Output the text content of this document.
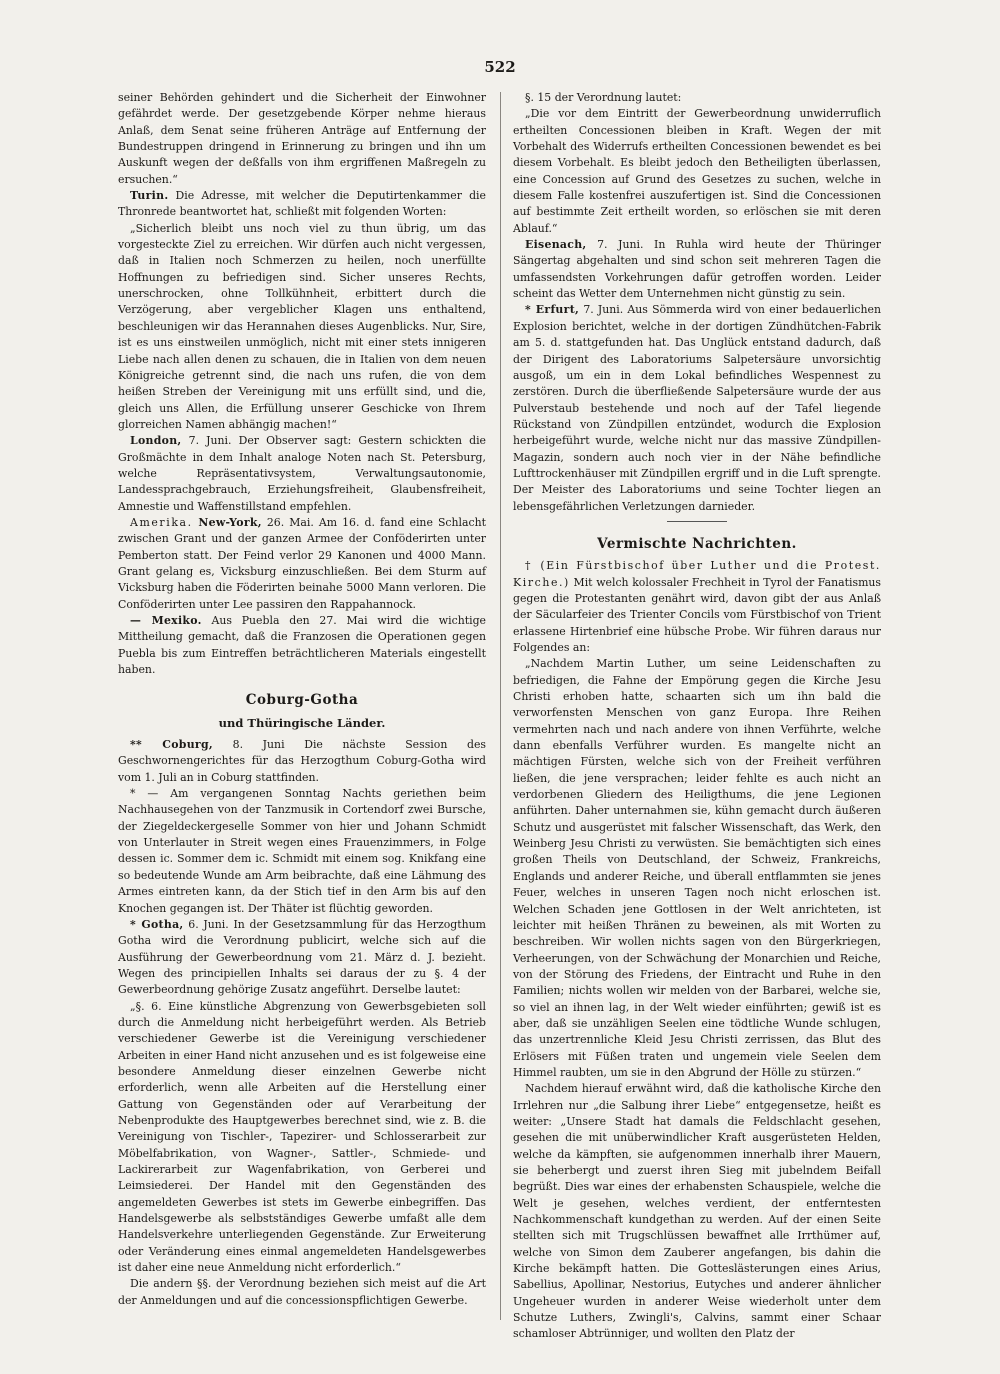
522

seiner Behörden gehindert und die Sicherheit der Einwohner gefährdet werde. Der gesetzgebende Körper nehme hieraus Anlaß, dem Senat seine früheren Anträge auf Entfernung der Bundestruppen dringend in Erinnerung zu bringen und ihn um Auskunft wegen der deßfalls von ihm ergriffenen Maßregeln zu ersuchen.“

Turin. Die Adresse, mit welcher die Deputirtenkammer die Thronrede beantwortet hat, schließt mit folgenden Worten:

„Sicherlich bleibt uns noch viel zu thun übrig, um das vorgesteckte Ziel zu erreichen. Wir dürfen auch nicht vergessen, daß in Italien noch Schmerzen zu heilen, noch unerfüllte Hoffnungen zu befriedigen sind. Sicher unseres Rechts, unerschrocken, ohne Tollkühnheit, erbittert durch die Verzögerung, aber vergeblicher Klagen uns enthaltend, beschleunigen wir das Herannahen dieses Augenblicks. Nur, Sire, ist es uns einstweilen unmöglich, nicht mit einer stets innigeren Liebe nach allen denen zu schauen, die in Italien von dem neuen Königreiche getrennt sind, die nach uns rufen, die von dem heißen Streben der Vereinigung mit uns erfüllt sind, und die, gleich uns Allen, die Erfüllung unserer Geschicke von Ihrem glorreichen Namen abhängig machen!“

London, 7. Juni. Der Observer sagt: Gestern schickten die Großmächte in dem Inhalt analoge Noten nach St. Petersburg, welche Repräsentativsystem, Verwaltungsautonomie, Landessprachgebrauch, Erziehungsfreiheit, Glaubensfreiheit, Amnestie und Waffenstillstand empfehlen.

Amerika. New-York, 26. Mai. Am 16. d. fand eine Schlacht zwischen Grant und der ganzen Armee der Conföderirten unter Pemberton statt. Der Feind verlor 29 Kanonen und 4000 Mann. Grant gelang es, Vicksburg einzuschließen. Bei dem Sturm auf Vicksburg haben die Föderirten beinahe 5000 Mann verloren. Die Conföderirten unter Lee passiren den Rappahannock.

— Mexiko. Aus Puebla den 27. Mai wird die wichtige Mittheilung gemacht, daß die Franzosen die Operationen gegen Puebla bis zum Eintreffen beträchtlicheren Materials eingestellt haben.

Coburg-Gotha
und Thüringische Länder.

** Coburg, 8. Juni Die nächste Session des Geschwornengerichtes für das Herzogthum Coburg-Gotha wird vom 1. Juli an in Coburg stattfinden.

* — Am vergangenen Sonntag Nachts geriethen beim Nachhausegehen von der Tanzmusik in Cortendorf zwei Bursche, der Ziegeldeckergeselle Sommer von hier und Johann Schmidt von Unterlauter in Streit wegen eines Frauenzimmers, in Folge dessen ic. Sommer dem ic. Schmidt mit einem sog. Knikfang eine so bedeutende Wunde am Arm beibrachte, daß eine Lähmung des Armes eintreten kann, da der Stich tief in den Arm bis auf den Knochen gegangen ist. Der Thäter ist flüchtig geworden.

* Gotha, 6. Juni. In der Gesetzsammlung für das Herzogthum Gotha wird die Verordnung publicirt, welche sich auf die Ausführung der Gewerbeordnung vom 21. März d. J. bezieht. Wegen des principiellen Inhalts sei daraus der zu §. 4 der Gewerbeordnung gehörige Zusatz angeführt. Derselbe lautet:

„§. 6. Eine künstliche Abgrenzung von Gewerbsgebieten soll durch die Anmeldung nicht herbeigeführt werden. Als Betrieb verschiedener Gewerbe ist die Vereinigung verschiedener Arbeiten in einer Hand nicht anzusehen und es ist folgeweise eine besondere Anmeldung dieser einzelnen Gewerbe nicht erforderlich, wenn alle Arbeiten auf die Herstellung einer Gattung von Gegenständen oder auf Verarbeitung der Nebenprodukte des Hauptgewerbes berechnet sind, wie z. B. die Vereinigung von Tischler-, Tapezirer- und Schlosserarbeit zur Möbelfabrikation, von Wagner-, Sattler-, Schmiede- und Lackirerarbeit zur Wagenfabrikation, von Gerberei und Leimsiederei. Der Handel mit den Gegenständen des angemeldeten Gewerbes ist stets im Gewerbe einbegriffen. Das Handelsgewerbe als selbstständiges Gewerbe umfaßt alle dem Handelsverkehre unterliegenden Gegenstände. Zur Erweiterung oder Veränderung eines einmal angemeldeten Handelsgewerbes ist daher eine neue Anmeldung nicht erforderlich.“

Die andern §§. der Verordnung beziehen sich meist auf die Art der Anmeldungen und auf die concessionspflichtigen Gewerbe.

§. 15 der Verordnung lautet:

„Die vor dem Eintritt der Gewerbeordnung unwiderruflich ertheilten Concessionen bleiben in Kraft. Wegen der mit Vorbehalt des Widerrufs ertheilten Concessionen bewendet es bei diesem Vorbehalt. Es bleibt jedoch den Betheiligten überlassen, eine Concession auf Grund des Gesetzes zu suchen, welche in diesem Falle kostenfrei auszufertigen ist. Sind die Concessionen auf bestimmte Zeit ertheilt worden, so erlöschen sie mit deren Ablauf.“

Eisenach, 7. Juni. In Ruhla wird heute der Thüringer Sängertag abgehalten und sind schon seit mehreren Tagen die umfassendsten Vorkehrungen dafür getroffen worden. Leider scheint das Wetter dem Unternehmen nicht günstig zu sein.

* Erfurt, 7. Juni. Aus Sömmerda wird von einer bedauerlichen Explosion berichtet, welche in der dortigen Zündhütchen-Fabrik am 5. d. stattgefunden hat. Das Unglück entstand dadurch, daß der Dirigent des Laboratoriums Salpetersäure unvorsichtig ausgoß, um ein in dem Lokal befindliches Wespennest zu zerstören. Durch die überfließende Salpetersäure wurde der aus Pulverstaub bestehende und noch auf der Tafel liegende Rückstand von Zündpillen entzündet, wodurch die Explosion herbeigeführt wurde, welche nicht nur das massive Zündpillen-Magazin, sondern auch noch vier in der Nähe befindliche Lufttrockenhäuser mit Zündpillen ergriff und in die Luft sprengte. Der Meister des Laboratoriums und seine Tochter liegen an lebensgefährlichen Verletzungen darnieder.

Vermischte Nachrichten.

† (Ein Fürstbischof über Luther und die Protest. Kirche.) Mit welch kolossaler Frechheit in Tyrol der Fanatismus gegen die Protestanten genährt wird, davon gibt der aus Anlaß der Säcularfeier des Trienter Concils vom Fürstbischof von Trient erlassene Hirtenbrief eine hübsche Probe. Wir führen daraus nur Folgendes an:

„Nachdem Martin Luther, um seine Leidenschaften zu befriedigen, die Fahne der Empörung gegen die Kirche Jesu Christi erhoben hatte, schaarten sich um ihn bald die verworfensten Menschen von ganz Europa. Ihre Reihen vermehrten nach und nach andere von ihnen Verführte, welche dann ebenfalls Verführer wurden. Es mangelte nicht an mächtigen Fürsten, welche sich von der Freiheit verführen ließen, die jene versprachen; leider fehlte es auch nicht an verdorbenen Gliedern des Heiligthums, die jene Legionen anführten. Daher unternahmen sie, kühn gemacht durch äußeren Schutz und ausgerüstet mit falscher Wissenschaft, das Werk, den Weinberg Jesu Christi zu verwüsten. Sie bemächtigten sich eines großen Theils von Deutschland, der Schweiz, Frankreichs, Englands und anderer Reiche, und überall entflammten sie jenes Feuer, welches in unseren Tagen noch nicht erloschen ist. Welchen Schaden jene Gottlosen in der Welt anrichteten, ist leichter mit heißen Thränen zu beweinen, als mit Worten zu beschreiben. Wir wollen nichts sagen von den Bürgerkriegen, Verheerungen, von der Schwächung der Monarchien und Reiche, von der Störung des Friedens, der Eintracht und Ruhe in den Familien; nichts wollen wir melden von der Barbarei, welche sie, so viel an ihnen lag, in der Welt wieder einführten; gewiß ist es aber, daß sie unzähligen Seelen eine tödtliche Wunde schlugen, das unzertrennliche Kleid Jesu Christi zerrissen, das Blut des Erlösers mit Füßen traten und ungemein viele Seelen dem Himmel raubten, um sie in den Abgrund der Hölle zu stürzen.“

Nachdem hierauf erwähnt wird, daß die katholische Kirche den Irrlehren nur „die Salbung ihrer Liebe“ entgegensetze, heißt es weiter: „Unsere Stadt hat damals die Feldschlacht gesehen, gesehen die mit unüberwindlicher Kraft ausgerüsteten Helden, welche da kämpften, sie aufgenommen innerhalb ihrer Mauern, sie beherbergt und zuerst ihren Sieg mit jubelndem Beifall begrüßt. Dies war eines der erhabensten Schauspiele, welche die Welt je gesehen, welches verdient, der entferntesten Nachkommenschaft kundgethan zu werden. Auf der einen Seite stellten sich mit Trugschlüssen bewaffnet alle Irrthümer auf, welche von Simon dem Zauberer angefangen, bis dahin die Kirche bekämpft hatten. Die Gotteslästerungen eines Arius, Sabellius, Apollinar, Nestorius, Eutyches und anderer ähnlicher Ungeheuer wurden in anderer Weise wiederholt unter dem Schutze Luthers, Zwingli's, Calvins, sammt einer Schaar schamloser Abtrünniger, und wollten den Platz der
